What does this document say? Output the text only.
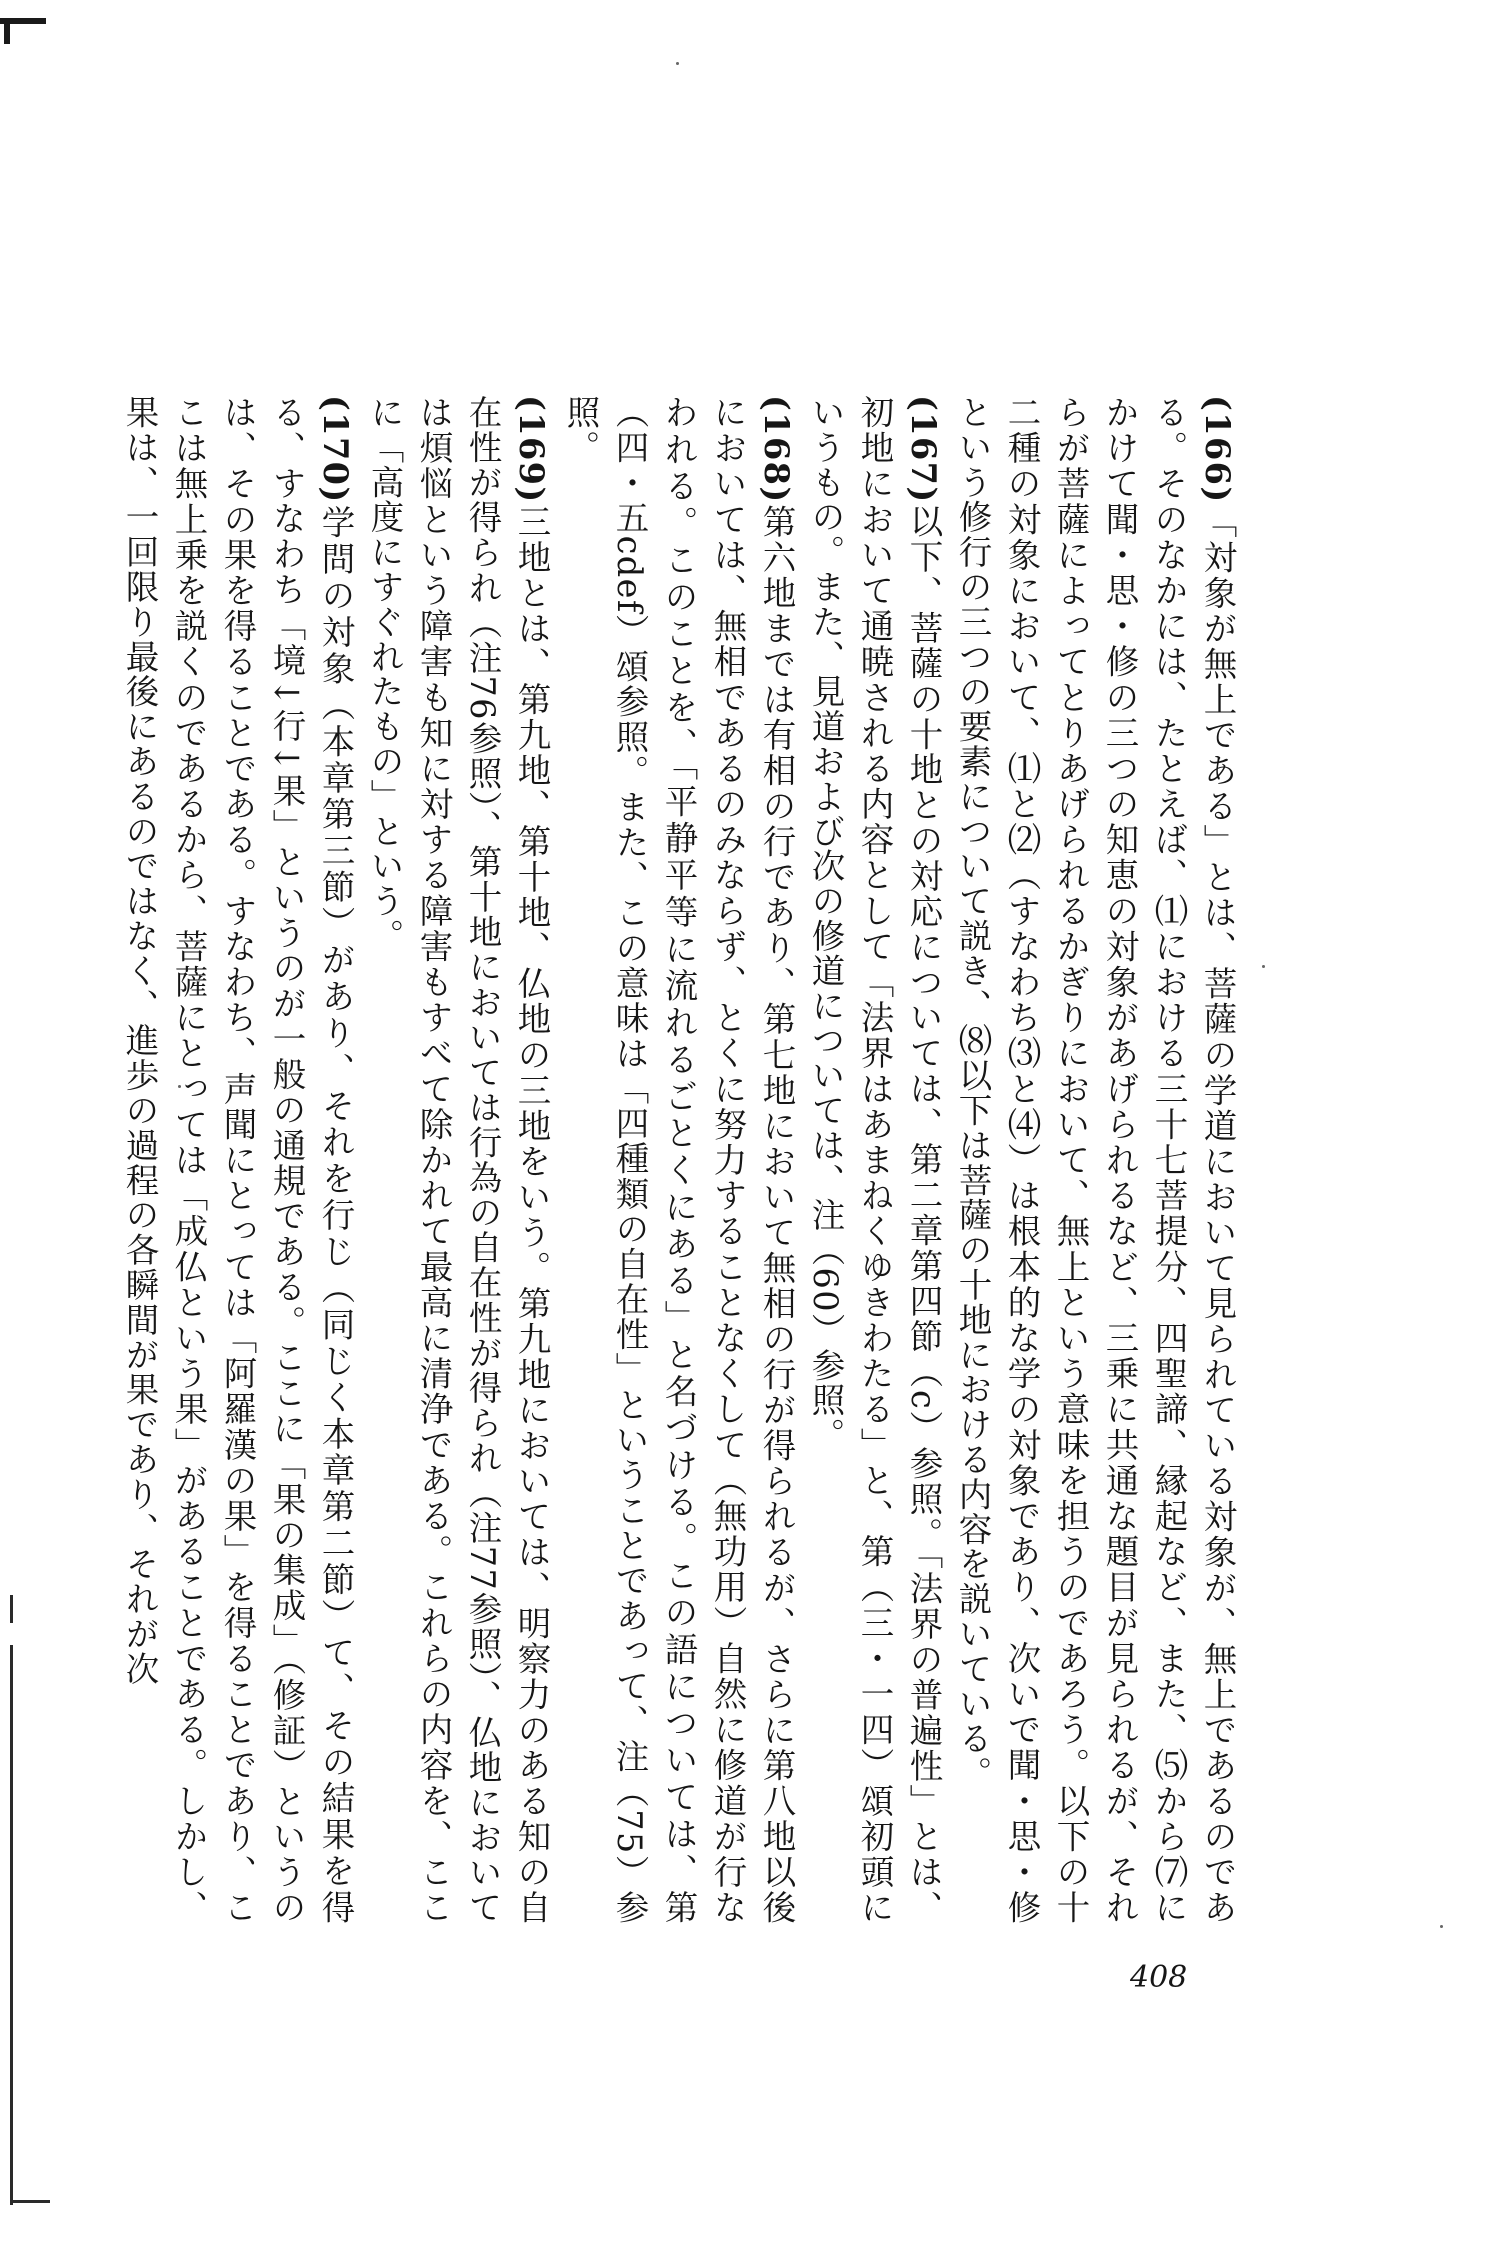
(166)「対象が無上である」とは、菩薩の学道において見られている対象が、無上であるのである。そのなかには、たとえば、⑴における三十七菩提分、四聖諦、縁起など、また、⑸から⑺にかけて聞・思・修の三つの知恵の対象があげられるなど、三乗に共通な題目が見られるが、それらが菩薩によってとりあげられるかぎりにおいて、無上という意味を担うのであろう。以下の十二種の対象において、⑴と⑵（すなわち⑶と⑷）は根本的な学の対象であり、次いで聞・思・修という修行の三つの要素について説き、⑻以下は菩薩の十地における内容を説いている。

(167)以下、菩薩の十地との対応については、第二章第四節（c）参照。「法界の普遍性」とは、初地において通暁される内容として「法界はあまねくゆきわたる」と、第（三・一四）頌初頭にいうもの。また、見道および次の修道については、注（60）参照。

(168)第六地までは有相の行であり、第七地において無相の行が得られるが、さらに第八地以後においては、無相であるのみならず、とくに努力することなくして（無功用）自然に修道が行なわれる。このことを、「平静平等に流れるごとくにある」と名づける。この語については、第（四・五cdef）頌参照。また、この意味は「四種類の自在性」ということであって、注（75）参照。

(169)三地とは、第九地、第十地、仏地の三地をいう。第九地においては、明察力のある知の自在性が得られ（注76参照）、第十地においては行為の自在性が得られ（注77参照）、仏地においては煩悩という障害も知に対する障害もすべて除かれて最高に清浄である。これらの内容を、ここに「高度にすぐれたもの」という。

(170)学問の対象（本章第三節）があり、それを行じ（同じく本章第二節）て、その結果を得る、すなわち「境↓行↓果」というのが一般の通規である。ここに「果の集成」（修証）というのは、その果を得ることである。すなわち、声聞にとっては「阿羅漢の果」を得ることであり、ここは無上乗を説くのであるから、菩薩にとっては「成仏という果」があることである。しかし、果は、一回限り最後にあるのではなく、進歩の過程の各瞬間が果であり、それが次

408
